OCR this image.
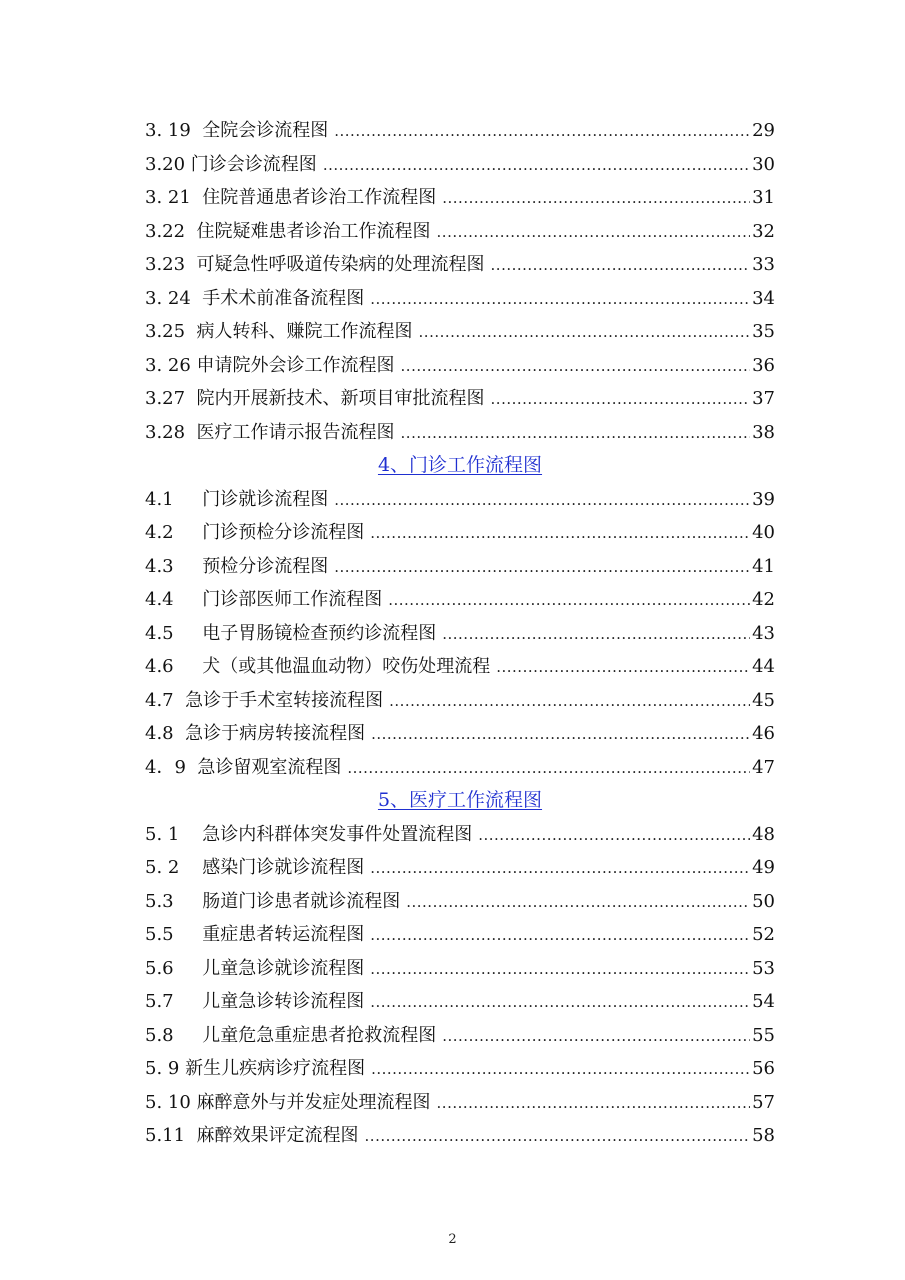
3. 19  全院会诊流程图 .....	29
3.20 门诊会诊流程图 .....	30
3. 21  住院普通患者诊治工作流程图 .....	31
3.22  住院疑难患者诊治工作流程图 .....	32
3.23  可疑急性呼吸道传染病的处理流程图 .....	33
3. 24  手术术前准备流程图 .....	34
3.25  病人转科、赚院工作流程图 .....	35
3. 26 申请院外会诊工作流程图 .....	36
3.27  院内开展新技术、新项目审批流程图 .....	37
3.28  医疗工作请示报告流程图 .....	38
4、门诊工作流程图
4.1     门诊就诊流程图 .....	39
4.2     门诊预检分诊流程图 .....	40
4.3     预检分诊流程图 .....	41
4.4     门诊部医师工作流程图 .....	42
4.5     电子胃肠镜检查预约诊流程图 .....	43
4.6     犬（或其他温血动物）咬伤处理流程 .....	44
4.7  急诊于手术室转接流程图 .....	45
4.8  急诊于病房转接流程图 .....	46
4．9  急诊留观室流程图 .....	47
5、医疗工作流程图
5. 1    急诊内科群体突发事件处置流程图 .....	48
5. 2    感染门诊就诊流程图 .....	49
5.3     肠道门诊患者就诊流程图 .....	50
5.5     重症患者转运流程图 .....	52
5.6     儿童急诊就诊流程图 .....	53
5.7     儿童急诊转诊流程图 .....	54
5.8     儿童危急重症患者抢救流程图 .....	55
5. 9 新生儿疾病诊疗流程图 .....	56
5. 10 麻醉意外与并发症处理流程图 .....	57
5.11  麻醉效果评定流程图 .....	58
2
